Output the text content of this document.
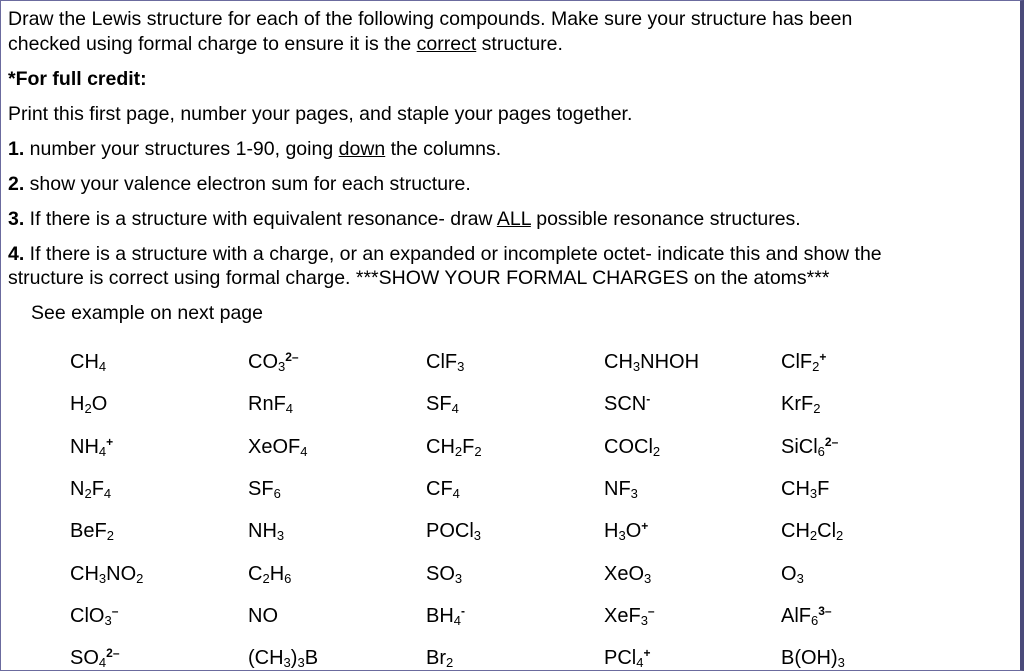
Draw the Lewis structure for each of the following compounds. Make sure your structure has been
checked using formal charge to ensure it is the correct structure.
*For full credit:
Print this first page, number your pages, and staple your pages together.
1. number your structures 1-90, going down the columns.
2. show your valence electron sum for each structure.
3. If there is a structure with equivalent resonance- draw ALL possible resonance structures.
4. If there is a structure with a charge, or an expanded or incomplete octet- indicate this and show the
structure is correct using formal charge. ***SHOW YOUR FORMAL CHARGES on the atoms***
See example on next page
$CH_4$	$CO_3^{2-}$	ClF$_3$	$CH_3NHOH$	ClF$_2$+
$H_2O$	RnF$_4$	$SF_4$	SCN-	KrF$_2$
$NH_4^+$	XeOF$_4$	$CH_2F_2$	COCl$_2$	SiCl$_6^{2-}$
$N_2F_4$	$SF_6$	$CF_4$	$NF_3$	$CH_3F$
BeF$_2$	$NH_3$	POCl$_3$	$H_3O^+$	$CH_2Cl_2$
$CH_3NO_2$	$C_2H_6$	$SO_3$	XeO$_3$	$O_3$
ClO$_3$–	NO	$BH_4^-$	XeF$_3$–	AlF$_6^{3-}$
$SO_4^{2-}$	$(CH_3)_3B$	$Br_2$	PCl$_4$+	$B(OH)_3$
